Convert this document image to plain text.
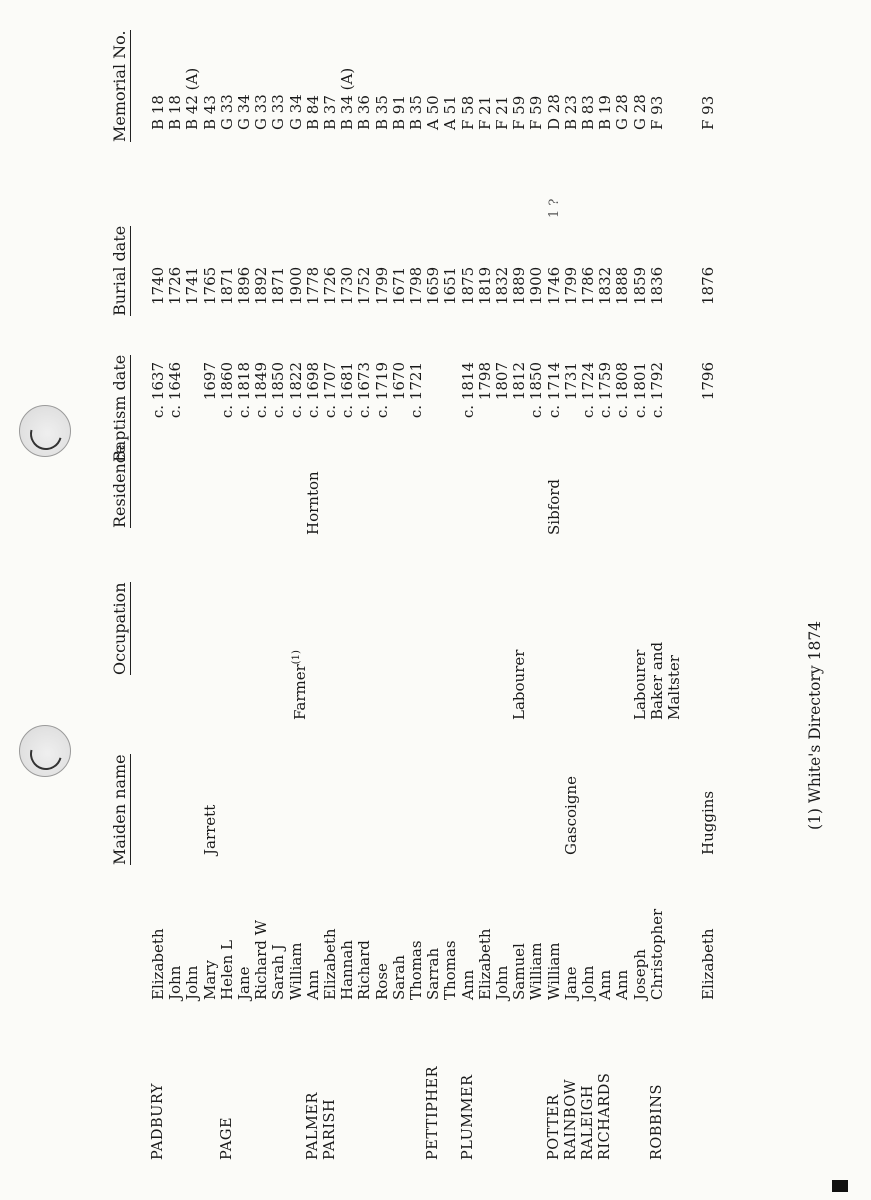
Maiden name
Occupation
Residence
Baptism date
Burial date
Memorial No.
PADBURY
Elizabeth
c. 1637
1740
B 18
John
c. 1646
1726
B 18
John
1741
B 42 (A)
Mary
Jarrett
1697
1765
B 43
PAGE
Helen L
c. 1860
1871
G 33
Jane
c. 1818
1896
G 34
Richard W
c. 1849
1892
G 33
Sarah J
c. 1850
1871
G 33
William
Farmer$^{(1)}$
c. 1822
1900
G 34
PALMER
Ann
Hornton
c. 1698
1778
B 84
PARISH
Elizabeth
c. 1707
1726
B 37
Hannah
c. 1681
1730
B 34 (A)
Richard
c. 1673
1752
B 36
Rose
c. 1719
1799
B 35
Sarah
1670
1671
B 91
Thomas
c. 1721
1798
B 35
PETTIPHER
Sarrah
1659
A 50
Thomas
1651
A 51
PLUMMER
Ann
c. 1814
1875
F 58
Elizabeth
1798
1819
F 21
John
1807
1832
F 21
Samuel
Labourer
1812
1889
F 59
William
c. 1850
1900
F 59
POTTER
William
Sibford
c. 1714
1746
D 28
RAINBOW
Jane
Gascoigne
1731
1799
B 23
RALEIGH
John
c. 1724
1786
B 83
RICHARDS
Ann
c. 1759
1832
B 19
Ann
c. 1808
1888
G 28
Joseph
Labourer
c. 1801
1859
G 28
ROBBINS
Christopher
Baker and
c. 1792
1836
F 93
Maltster
Elizabeth
Huggins
1796
1876
F 93
(1) White's Directory 1874
1 ?
